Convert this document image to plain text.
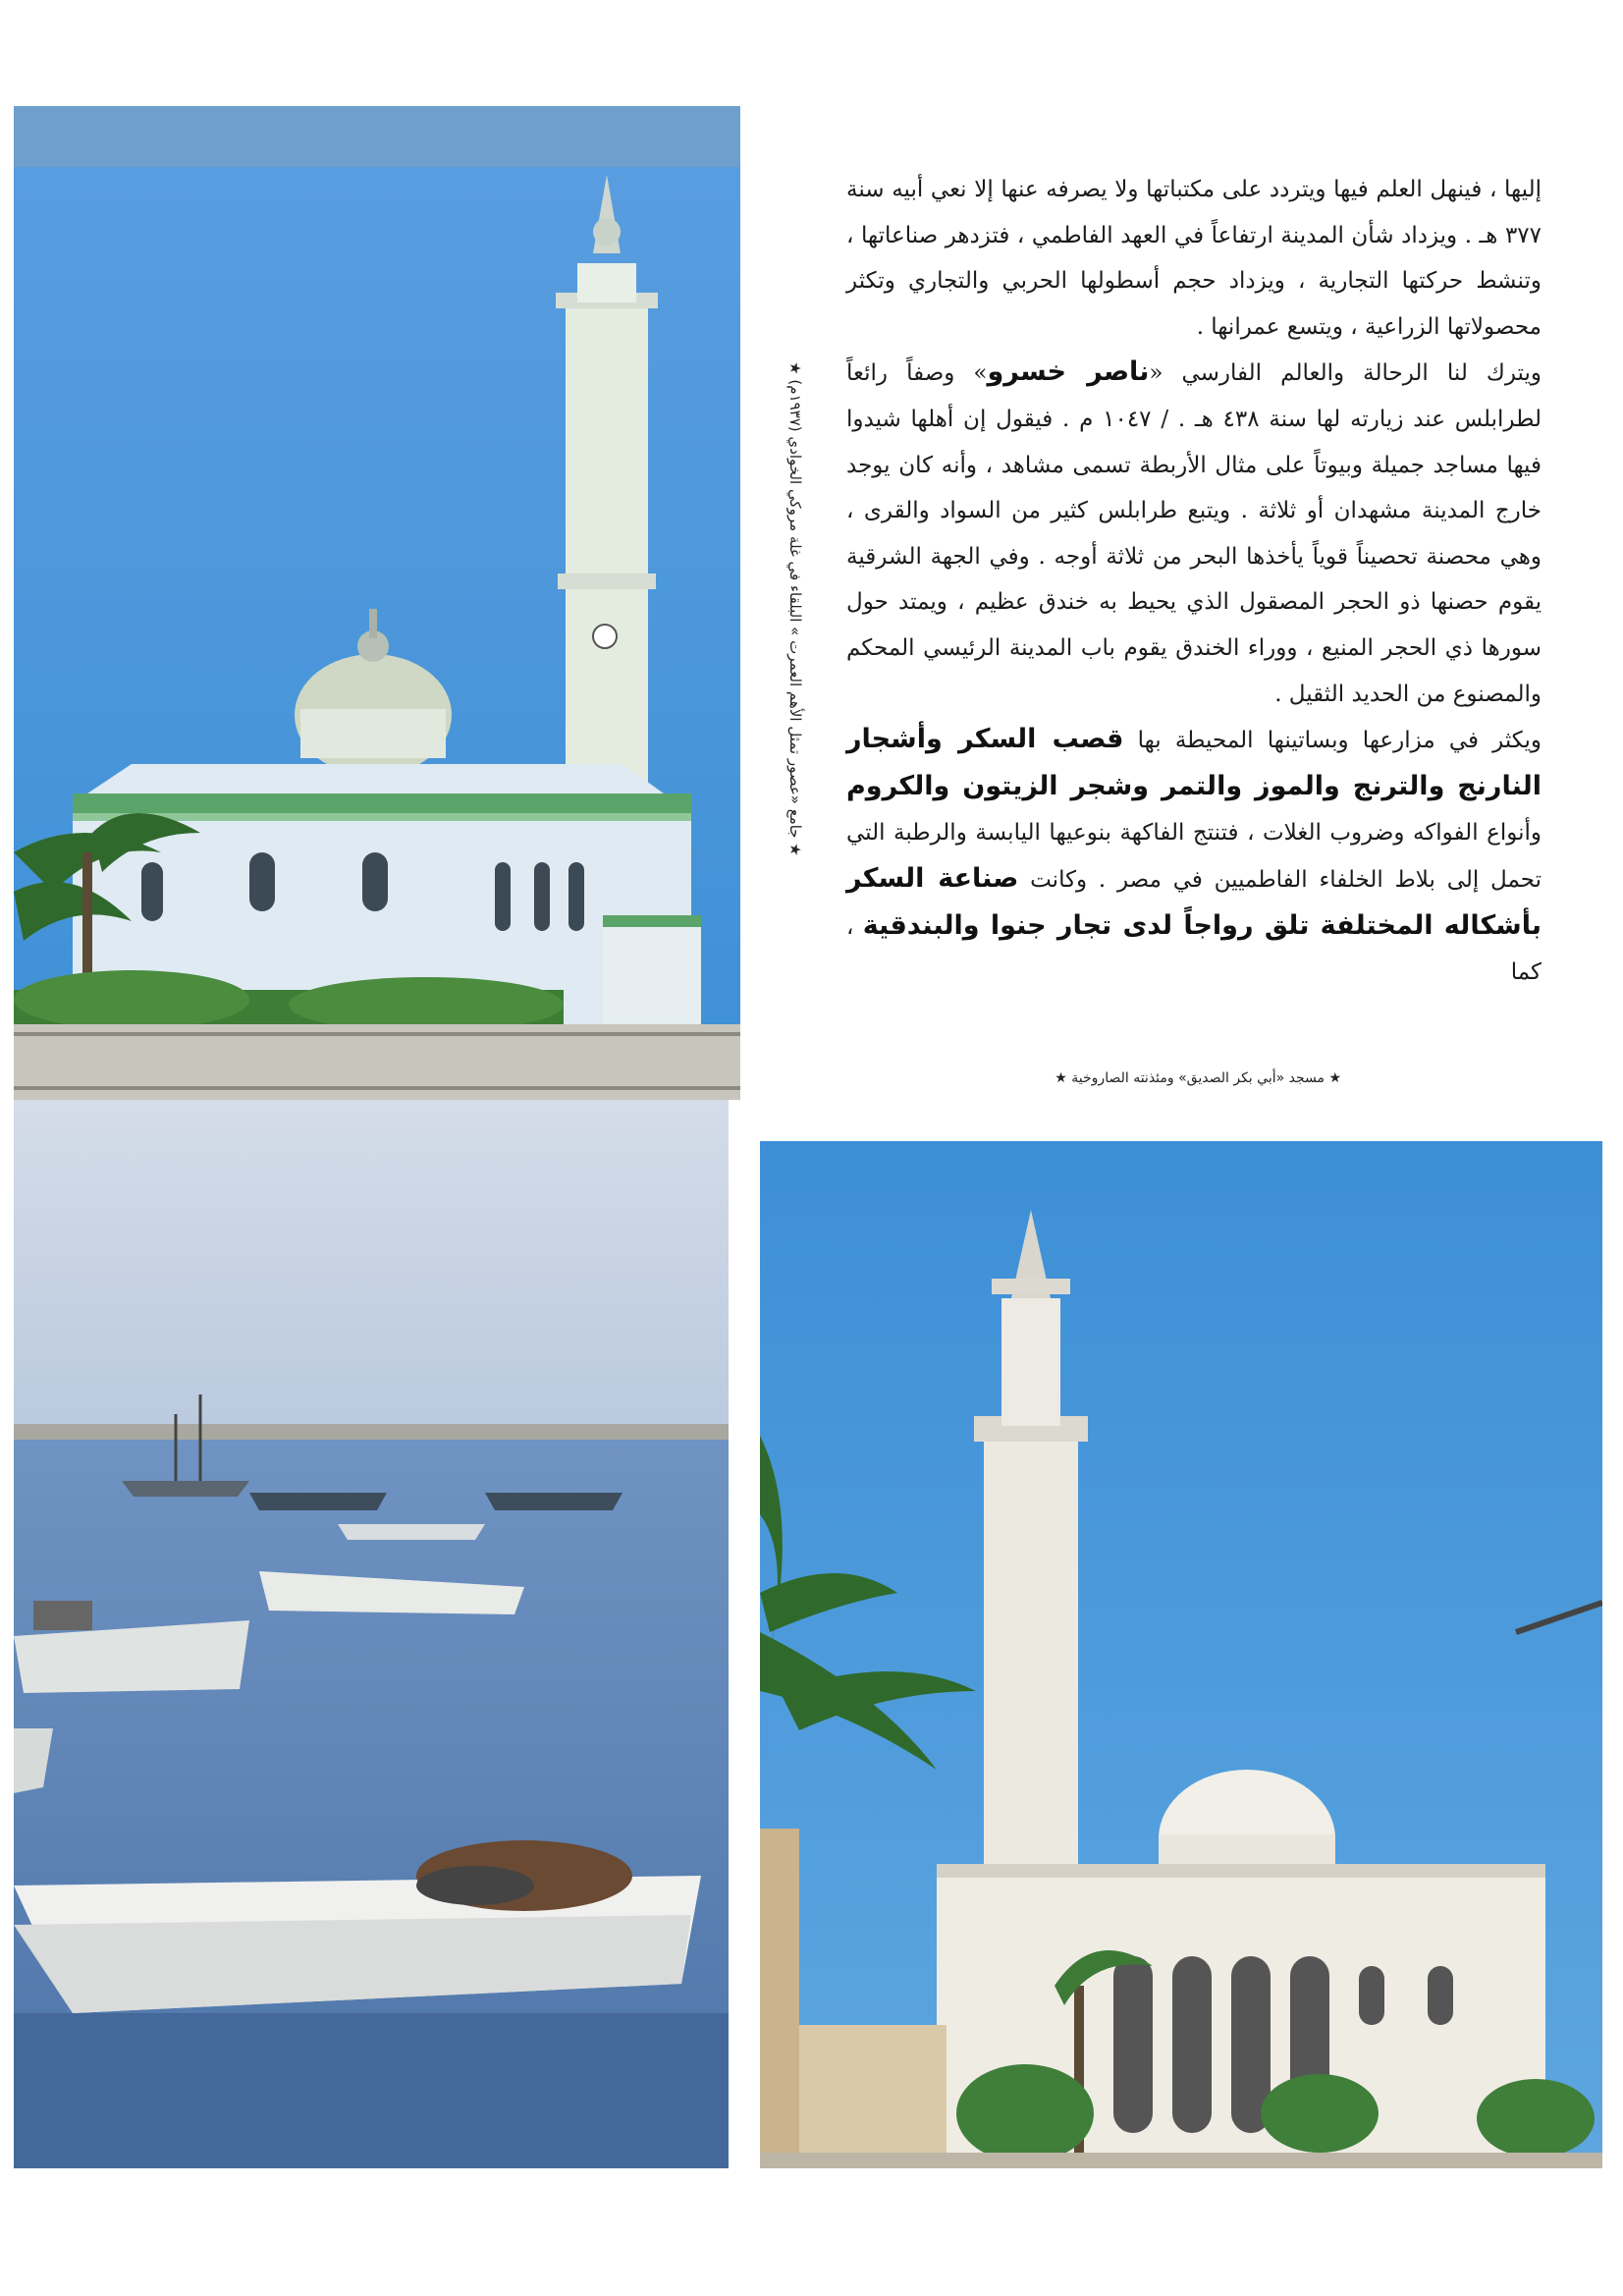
★ جامع «عصور تمثل الأهم العمرت » البلقاء في غلة مروكي الخوادي (١٩٣٧م) ★

إليها ، فينهل العلم فيها ويتردد على مكتباتها ولا يصرفه عنها إلا نعي أبيه سنة ٣٧٧ هـ . ويزداد شأن المدينة ارتفاعاً في العهد الفاطمي ، فتزدهر صناعاتها ، وتنشط حركتها التجارية ، ويزداد حجم أسطولها الحربي والتجاري وتكثر محصولاتها الزراعية ، ويتسع عمرانها .

ويترك لنا الرحالة والعالم الفارسي «ناصر خسرو» وصفاً رائعاً لطرابلس عند زيارته لها سنة ٤٣٨ هـ . / ١٠٤٧ م . فيقول إن أهلها شيدوا فيها مساجد جميلة وبيوتاً على مثال الأربطة تسمى مشاهد ، وأنه كان يوجد خارج المدينة مشهدان أو ثلاثة . ويتبع طرابلس كثير من السواد والقرى ، وهي محصنة تحصيناً قوياً يأخذها البحر من ثلاثة أوجه . وفي الجهة الشرقية يقوم حصنها ذو الحجر المصقول الذي يحيط به خندق عظيم ، ويمتد حول سورها ذي الحجر المنيع ، ووراء الخندق يقوم باب المدينة الرئيسي المحكم والمصنوع من الحديد الثقيل .

ويكثر في مزارعها وبساتينها المحيطة بها قصب السكر وأشجار النارنج والترنج والموز والتمر وشجر الزيتون والكروم وأنواع الفواكه وضروب الغلات ، فتنتج الفاكهة بنوعيها اليابسة والرطبة التي تحمل إلى بلاط الخلفاء الفاطميين في مصر . وكانت صناعة السكر بأشكاله المختلفة تلق رواجاً لدى تجار جنوا والبندقية ، كما

★ مسجد «أبي بكر الصديق» ومئذنته الصاروخية ★
